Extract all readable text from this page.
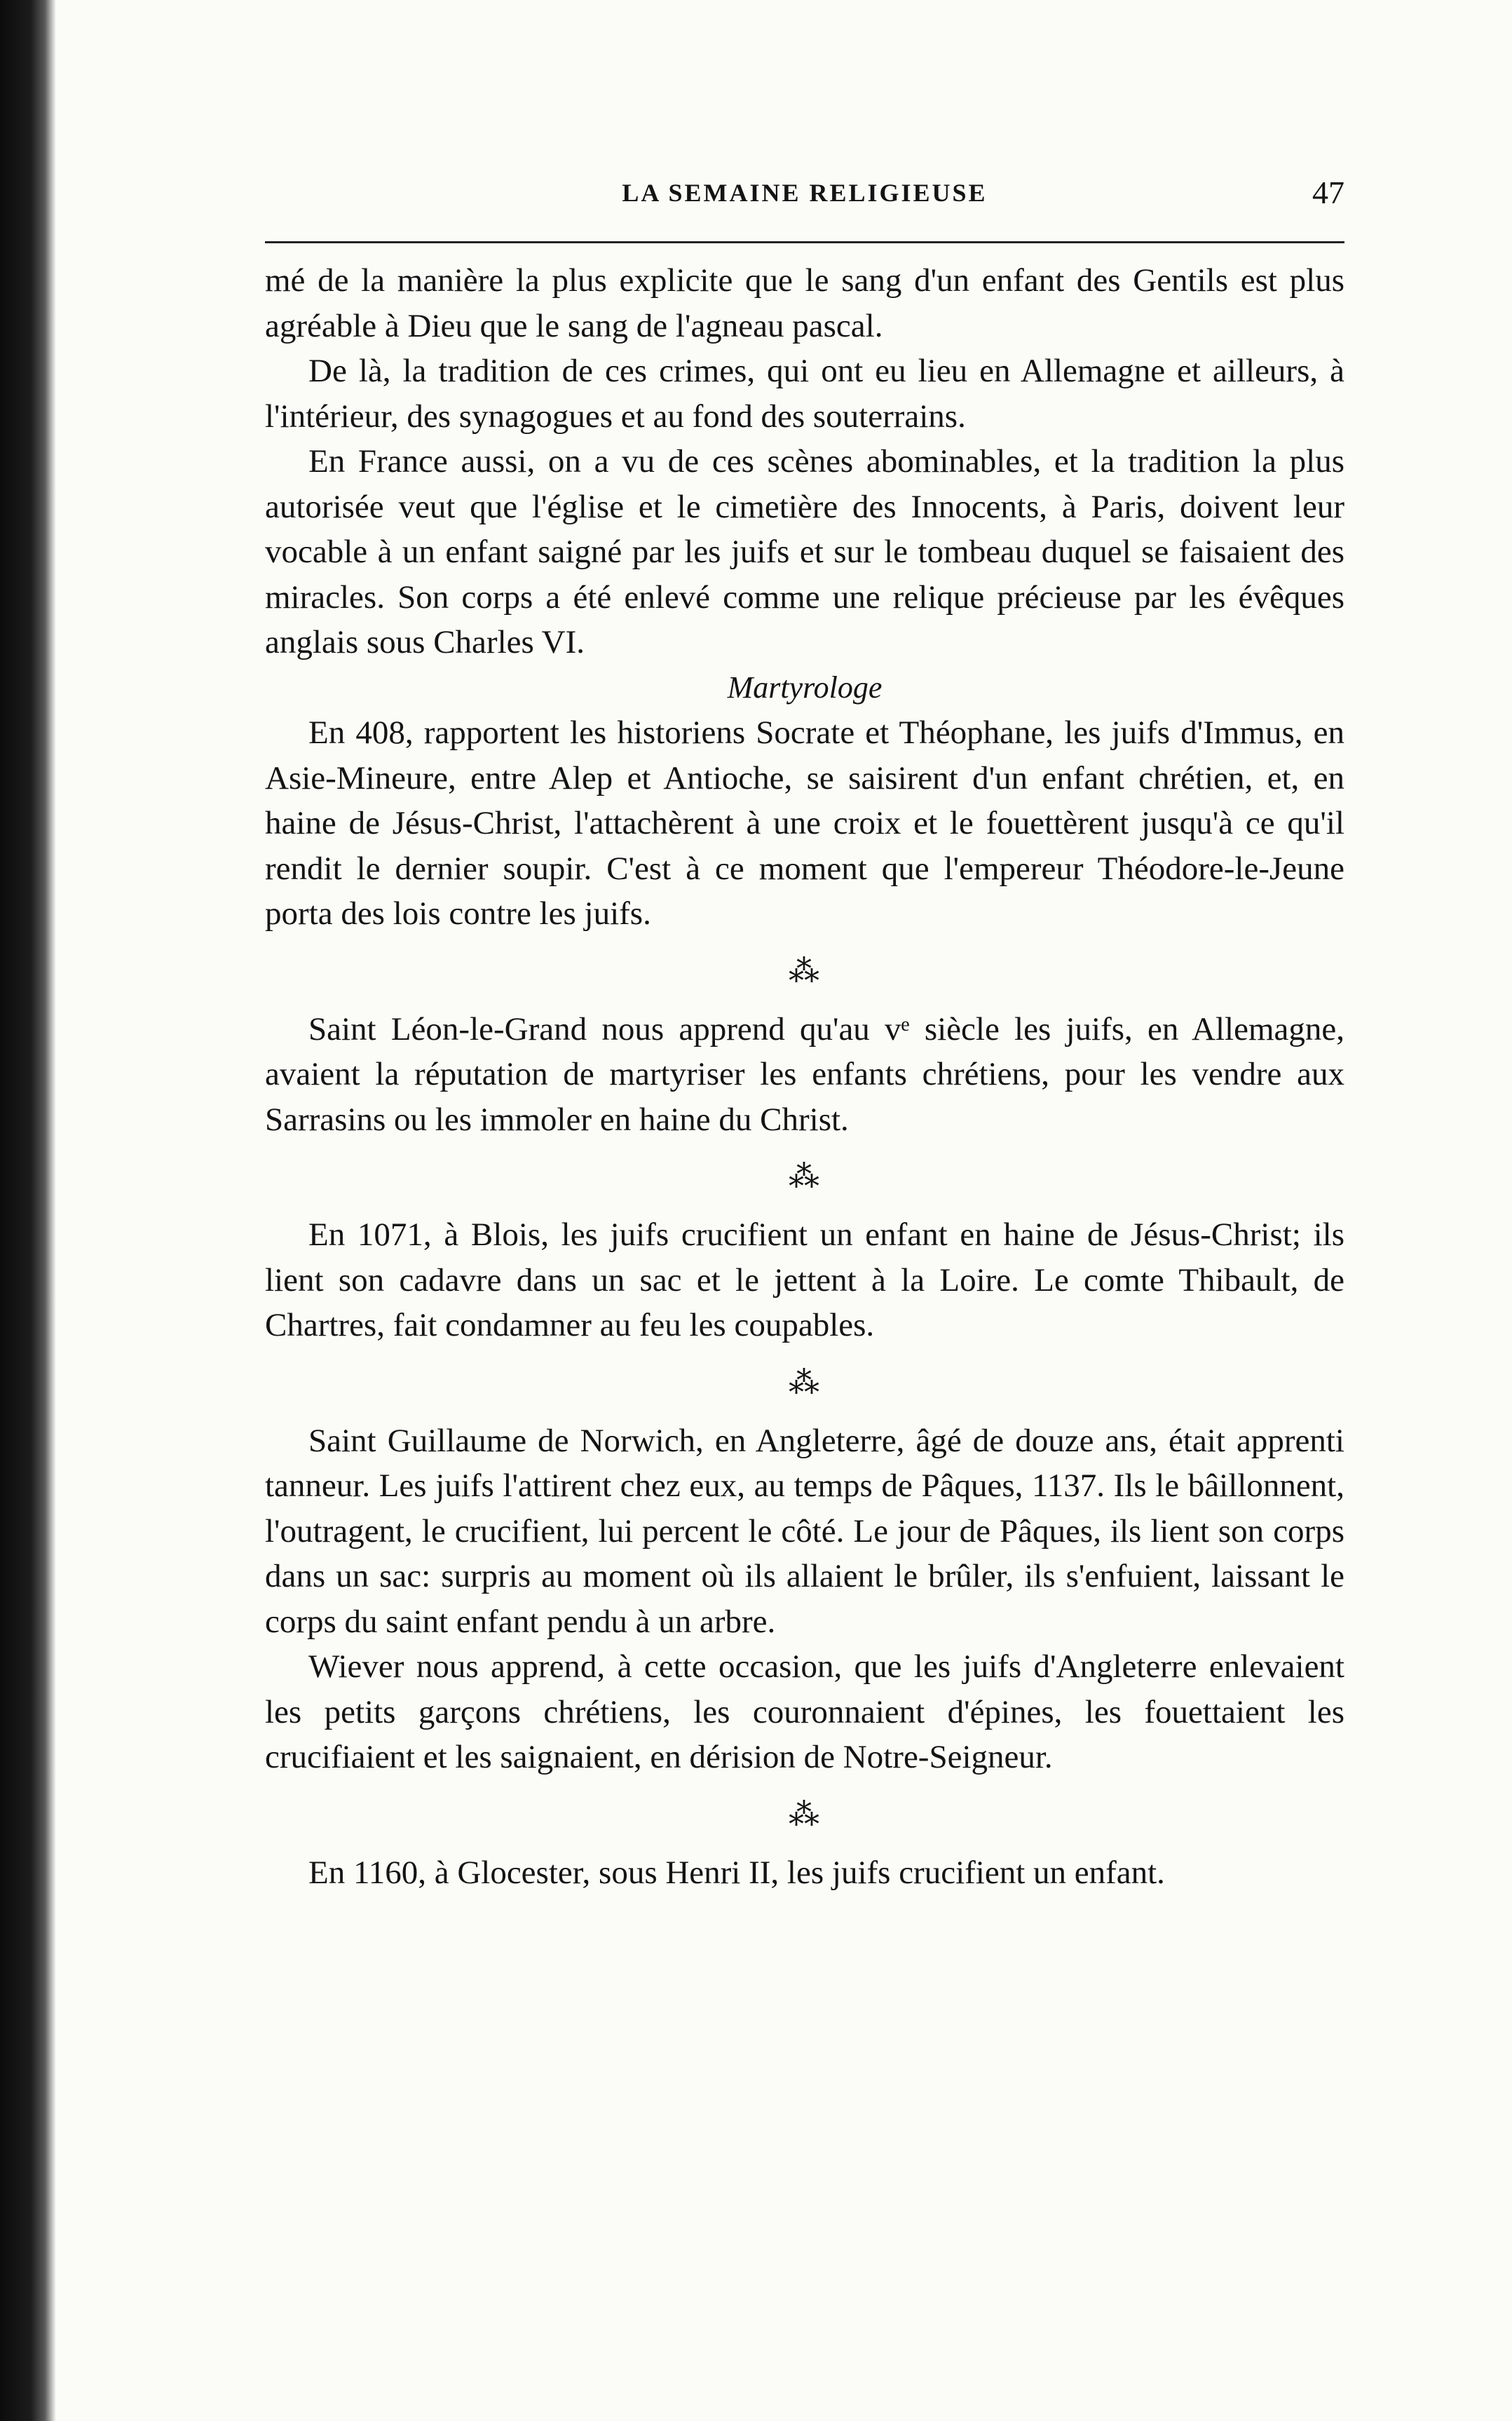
LA SEMAINE RELIGIEUSE	47

mé de la manière la plus explicite que le sang d'un enfant des Gentils est plus agréable à Dieu que le sang de l'agneau pascal.

De là, la tradition de ces crimes, qui ont eu lieu en Allemagne et ailleurs, à l'intérieur, des synagogues et au fond des souterrains.

En France aussi, on a vu de ces scènes abominables, et la tradition la plus autorisée veut que l'église et le cimetière des Innocents, à Paris, doivent leur vocable à un enfant saigné par les juifs et sur le tombeau duquel se faisaient des miracles. Son corps a été enlevé comme une relique précieuse par les évêques anglais sous Charles VI.

Martyrologe

En 408, rapportent les historiens Socrate et Théophane, les juifs d'Immus, en Asie-Mineure, entre Alep et Antioche, se saisirent d'un enfant chrétien, et, en haine de Jésus-Christ, l'attachèrent à une croix et le fouettèrent jusqu'à ce qu'il rendit le dernier soupir. C'est à ce moment que l'empereur Théodore-le-Jeune porta des lois contre les juifs.

⁂

Saint Léon-le-Grand nous apprend qu'au vᵉ siècle les juifs, en Allemagne, avaient la réputation de martyriser les enfants chrétiens, pour les vendre aux Sarrasins ou les immoler en haine du Christ.

⁂

En 1071, à Blois, les juifs crucifient un enfant en haine de Jésus-Christ; ils lient son cadavre dans un sac et le jettent à la Loire. Le comte Thibault, de Chartres, fait condamner au feu les coupables.

⁂

Saint Guillaume de Norwich, en Angleterre, âgé de douze ans, était apprenti tanneur. Les juifs l'attirent chez eux, au temps de Pâques, 1137. Ils le bâillonnent, l'outragent, le crucifient, lui percent le côté. Le jour de Pâques, ils lient son corps dans un sac: surpris au moment où ils allaient le brûler, ils s'enfuient, laissant le corps du saint enfant pendu à un arbre.

Wiever nous apprend, à cette occasion, que les juifs d'Angleterre enlevaient les petits garçons chrétiens, les couronnaient d'épines, les fouettaient les crucifiaient et les saignaient, en dérision de Notre-Seigneur.

⁂

En 1160, à Glocester, sous Henri II, les juifs crucifient un enfant.
